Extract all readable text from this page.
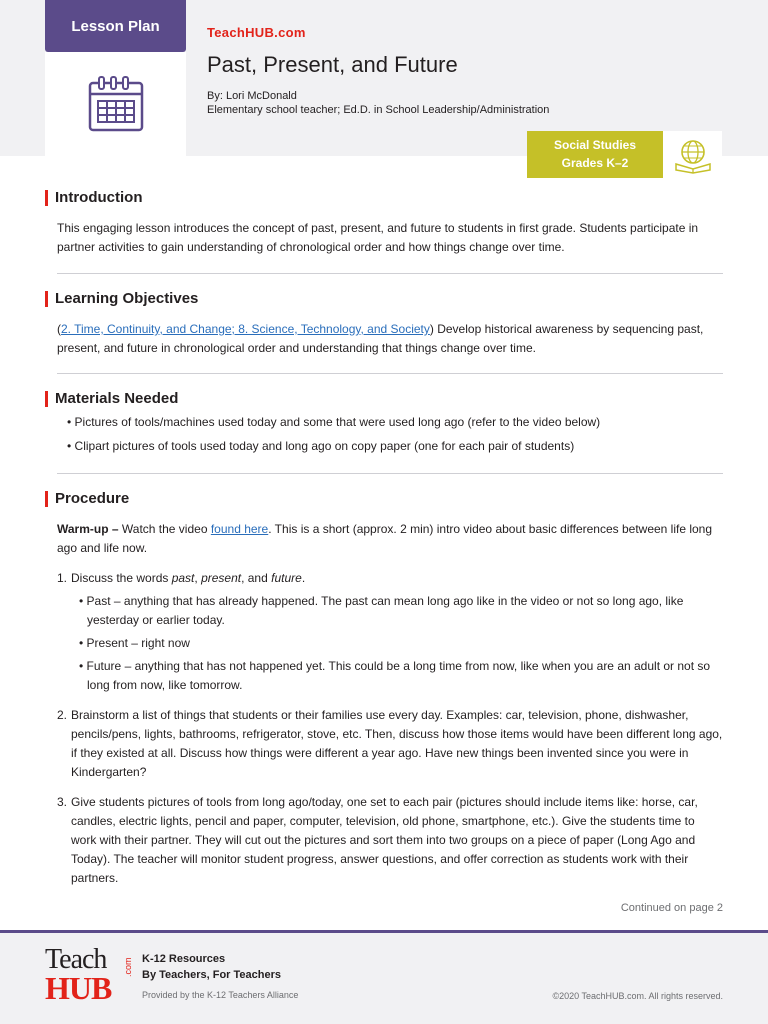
Lesson Plan	TeachHUB.com
Past, Present, and Future
By: Lori McDonald
Elementary school teacher; Ed.D. in School Leadership/Administration
Social Studies
Grades K–2
Introduction
This engaging lesson introduces the concept of past, present, and future to students in first grade. Students participate in partner activities to gain understanding of chronological order and how things change over time.
Learning Objectives
(2. Time, Continuity, and Change; 8. Science, Technology, and Society) Develop historical awareness by sequencing past, present, and future in chronological order and understanding that things change over time.
Materials Needed
• Pictures of tools/machines used today and some that were used long ago (refer to the video below)
• Clipart pictures of tools used today and long ago on copy paper (one for each pair of students)
Procedure
Warm-up – Watch the video found here. This is a short (approx. 2 min) intro video about basic differences between life long ago and life now.
1. Discuss the words past, present, and future.
• Past – anything that has already happened. The past can mean long ago like in the video or not so long ago, like yesterday or earlier today.
• Present – right now
• Future – anything that has not happened yet. This could be a long time from now, like when you are an adult or not so long from now, like tomorrow.
2. Brainstorm a list of things that students or their families use every day. Examples: car, television, phone, dishwasher, pencils/pens, lights, bathrooms, refrigerator, stove, etc. Then, discuss how those items would have been different long ago, if they existed at all. Discuss how things were different a year ago. Have new things been invented since you were in Kindergarten?
3. Give students pictures of tools from long ago/today, one set to each pair (pictures should include items like: horse, car, candles, electric lights, pencil and paper, computer, television, old phone, smartphone, etc.). Give the students time to work with their partner. They will cut out the pictures and sort them into two groups on a piece of paper (Long Ago and Today). The teacher will monitor student progress, answer questions, and offer correction as students work with their partners.
Continued on page 2
Teach
HUB
.com K-12 Resources
By Teachers, For Teachers
Provided by the K-12 Teachers Alliance	©2020 TeachHUB.com. All rights reserved.
